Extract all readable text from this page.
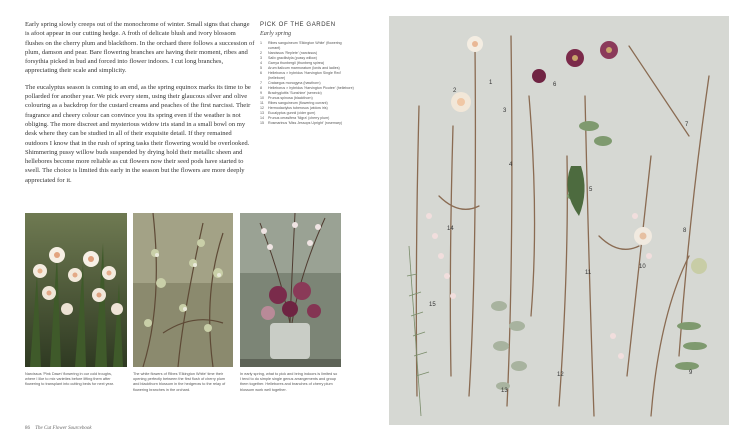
Early spring slowly creeps out of the monochrome of winter. Small signs that change is afoot appear in our cutting hedge. A froth of delicate blush and ivory blossom flushes on the cherry plum and blackthorn. In the orchard there follows a succession of plum, damson and pear. Bare flowering branches are having their moment, ribes and forsythia picked in bud and forced into flower indoors. I cut long branches, appreciating their scale and simplicity.

The eucalyptus season is coming to an end, as the spring equinox marks its time to be pollarded for another year. We pick every stem, using their glaucous silver and olive colouring as a backdrop for the custard creams and peaches of the first narcissi. Their fragrance and cheery colour can convince you its spring even if the weather is not obliging. The more discreet and mysterious widow iris stand in a small bowl on my desk where they can be studied in all of their exquisite detail. If they remained outdoors I know that in the rush of spring tasks their flowering would be overlooked. Shimmering pussy willow buds suspended by drying hold their metallic sheen and hellebores become more reliable as cut flowers now their seed pods have started to swell. The choice is limited this early in the season but the flowers are more deeply appreciated for it.

PICK OF THE GARDEN
Early spring
1	Ribes sanguineum 'Elkington White' (flowering currant)
2	Narcissus 'Replete' (narcissus)
3	Salix gracilistyla (pussy willow)
4	Garrya thunbergii (thunberg spirea)
5	Arum italicum marmoratum (lords and ladies)
6	Helleborus × hybridus 'Harvington Single Red' (hellebore)
7	Crataegus monogyna (hawthorn)
8	Helleborus × hybridus 'Harvington Picotee' (hellebore)
9	Brachyglottis 'Sunshine' (senecio)
10	Prunus spinosa (blackthorn)
11	Ribes sanguineum (flowering currant)
12	Hermodactylus tuberosus (widow iris)
13	Eucalyptus gunnii (cider gum)
14	Prunus cerasifera 'Nigra' (cherry plum)
15	Rosmarinus 'Miss Jessops Upright' (rosemary)
Narcissus 'Pink Dawn' flowering in our cold troughs, where I like to mix varieties before lifting them after flowering to transplant into cutting beds for next year.
The white flowers of Ribes 'Elkington White' time their opening perfectly between the first flush of cherry plum and blackthorn blossom in the hedgerow to the relay of flowering branches in the orchard.
In early spring, what to pick and bring indoors is limited so I tend to do simple single genus arrangements and group them together. Hellebores and branches of cherry plum blossom work well together.
86 The Cut Flower Sourcebook
1
2
3
4
5
6
7
8
9
10
11
12
13
14
15
